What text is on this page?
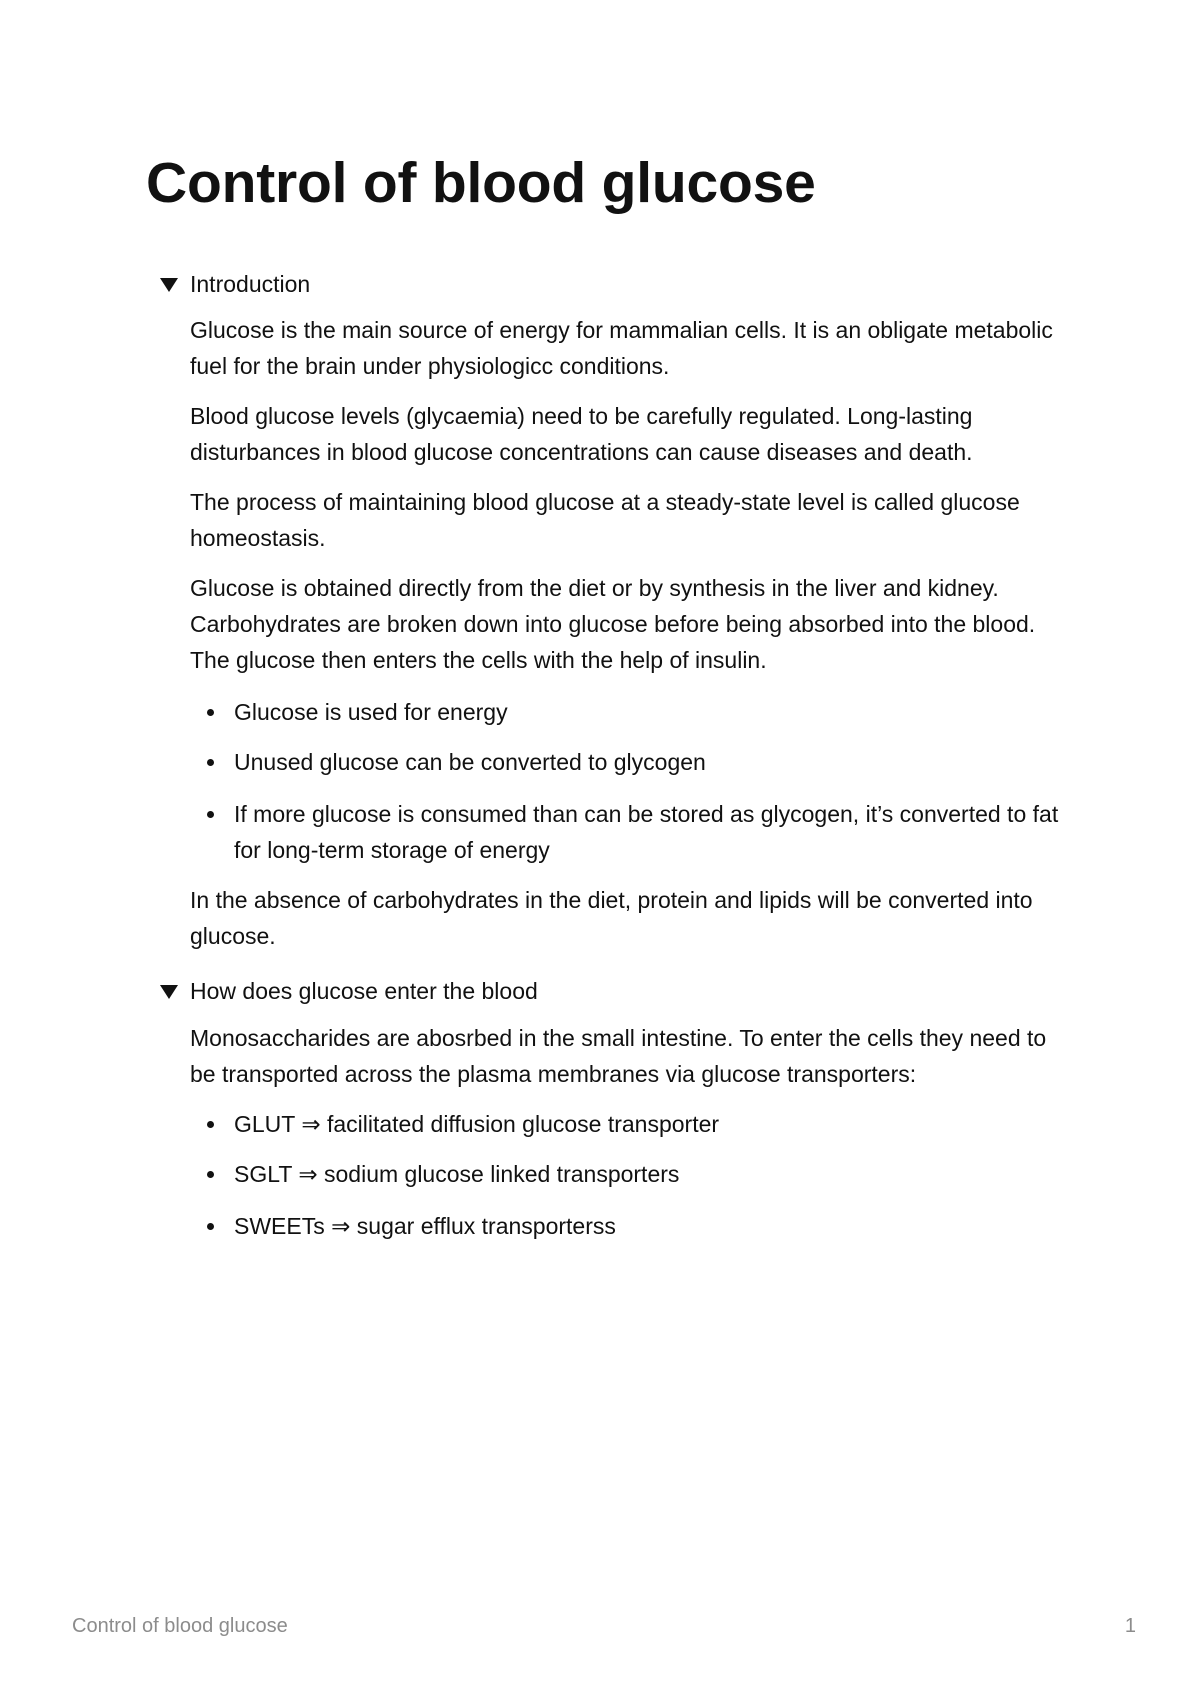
Control of blood glucose
Introduction

Glucose is the main source of energy for mammalian cells. It is an obligate metabolic fuel for the brain under physiologicc conditions.

Blood glucose levels (glycaemia) need to be carefully regulated. Long-lasting disturbances in blood glucose concentrations can cause diseases and death.

The process of maintaining blood glucose at a steady-state level is called glucose homeostasis.

Glucose is obtained directly from the diet or by synthesis in the liver and kidney. Carbohydrates are broken down into glucose before being absorbed into the blood. The glucose then enters the cells with the help of insulin.

Glucose is used for energy
Unused glucose can be converted to glycogen
If more glucose is consumed than can be stored as glycogen, it’s converted to fat for long-term storage of energy

In the absence of carbohydrates in the diet, protein and lipids will be converted into glucose.

How does glucose enter the blood

Monosaccharides are abosrbed in the small intestine. To enter the cells they need to be transported across the plasma membranes via glucose transporters:

GLUT ⇒ facilitated diffusion glucose transporter
SGLT ⇒ sodium glucose linked transporters
SWEETs ⇒ sugar efflux transporterss
Control of blood glucose	1
